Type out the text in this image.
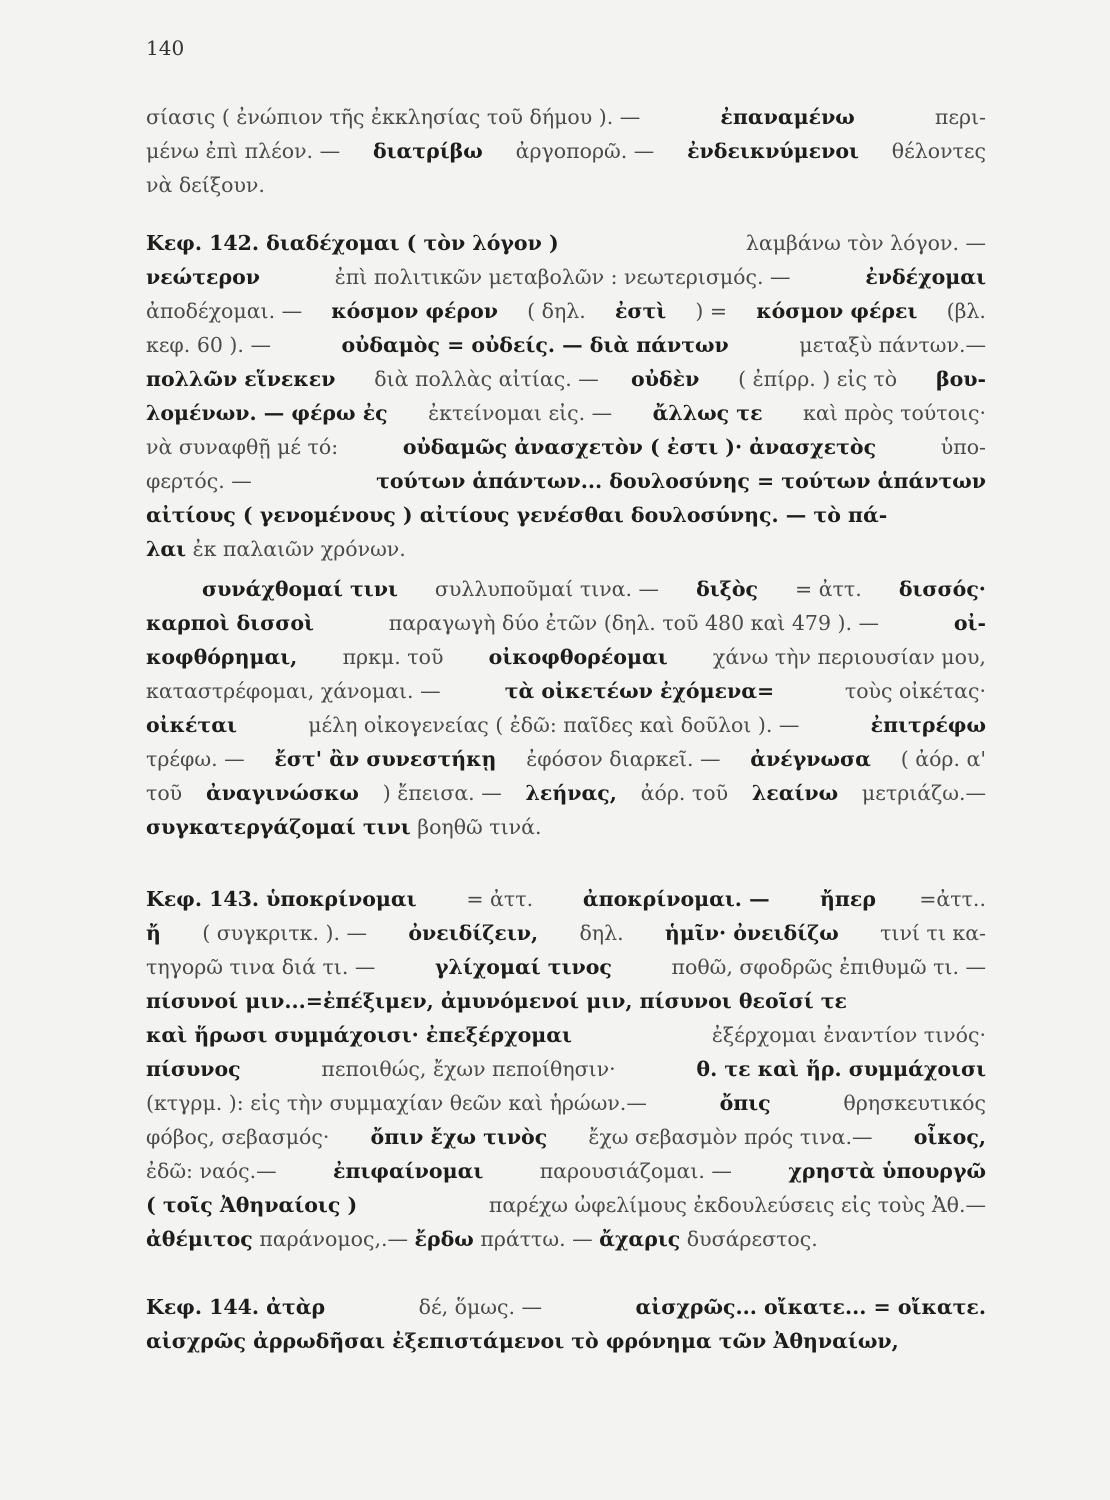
140
σίασις ( ἐνώπιον τῆς ἐκκλησίας τοῦ δήμου ). —	ἐπαναμένω	περι-
μένω ἐπὶ πλέον. — διατρίβω ἀργοπορῶ. — ἐνδεικνύμενοι θέλοντες
νὰ δείξουν.
Κεφ. 142. διαδέχομαι ( τὸν λόγον )	λαμβάνω τὸν λόγον. —
νεώτερον	ἐπὶ πολιτικῶν μεταβολῶν : νεωτερισμός. —	ἐνδέχομαι
ἀποδέχομαι. — κόσμον φέρον ( δηλ. ἐστὶ ) = κόσμον φέρει (βλ.
κεφ. 60 ). —	οὐδαμὸς = οὐδείς. — διὰ πάντων	μεταξὺ πάντων.—
πολλῶν εἵνεκεν διὰ πολλὰς αἰτίας. — οὐδὲν ( ἐπίρρ. ) εἰς τὸ βου-
λομένων. — φέρω ἐς ἐκτείνομαι εἰς. — ἄλλως τε καὶ πρὸς τούτοις·
νὰ συναφθῇ μέ τό:	οὐδαμῶς ἀνασχετὸν ( ἐστι )· ἀνασχετὸς	ὑπο-
φερτός. —	τούτων ἁπάντων... δουλοσύνης = τούτων ἁπάντων
αἰτίους ( γενομένους ) αἰτίους γενέσθαι δουλοσύνης. — τὸ πά-
λαι ἐκ παλαιῶν χρόνων.
συνάχθομαί τινι συλλυποῦμαί τινα. — διξὸς = ἀττ. δισσός·
καρποὶ δισσοὶ	παραγωγὴ δύο ἐτῶν (δηλ. τοῦ 480 καὶ 479 ). —	οἰ-
κοφθόρημαι, πρκμ. τοῦ οἰκοφθορέομαι χάνω τὴν περιουσίαν μου,
καταστρέφομαι, χάνομαι. —	τὰ οἰκετέων ἐχόμενα=	τοὺς οἰκέτας·
οἰκέται	μέλη οἰκογενείας ( ἐδῶ: παῖδες καὶ δοῦλοι ). —	ἐπιτρέφω
τρέφω. — ἔστ' ἂν συνεστήκῃ ἐφόσον διαρκεῖ. — ἀνέγνωσα ( ἀόρ. α'
τοῦ ἀναγινώσκω ) ἔπεισα. — λεήνας, ἀόρ. τοῦ λεαίνω μετριάζω.—
συγκατεργάζομαί τινι βοηθῶ τινά.
Κεφ. 143. ὑποκρίνομαι = ἀττ. ἀποκρίνομαι. — ἤπερ =ἀττ..
ἤ ( συγκριτκ. ). — ὀνειδίζειν, δηλ. ἡμῖν· ὀνειδίζω τινί τι κα-
τηγορῶ τινα διά τι. —	γλίχομαί τινος	ποθῶ, σφοδρῶς ἐπιθυμῶ τι. —
πίσυνοί μιν...=ἐπέξιμεν, ἀμυνόμενοί μιν, πίσυνοι θεοῖσί τε
καὶ ἥρωσι συμμάχοισι· ἐπεξέρχομαι	ἐξέρχομαι ἐναντίον τινός·
πίσυνος	πεποιθώς, ἔχων πεποίθησιν·	θ. τε καὶ ἥρ. συμμάχοισι
(κτγρμ. ): εἰς τὴν συμμαχίαν θεῶν καὶ ἡρώων.—	ὄπις	θρησκευτικός
φόβος, σεβασμός· ὄπιν ἔχω τινὸς ἔχω σεβασμὸν πρός τινα.— οἶκος,
ἐδῶ: ναός.— ἐπιφαίνομαι παρουσιάζομαι. — χρηστὰ ὑπουργῶ
( τοῖς Ἀθηναίοις )	παρέχω ὠφελίμους ἐκδουλεύσεις εἰς τοὺς Ἀθ.—
ἀθέμιτος παράνομος,.— ἔρδω πράττω. — ἄχαρις δυσάρεστος.
Κεφ. 144. ἀτὰρ	δέ, ὅμως. —	αἰσχρῶς... οἴκατε... = οἴκατε.
αἰσχρῶς ἀρρωδῆσαι ἐξεπιστάμενοι τὸ φρόνημα τῶν Ἀθηναίων,
